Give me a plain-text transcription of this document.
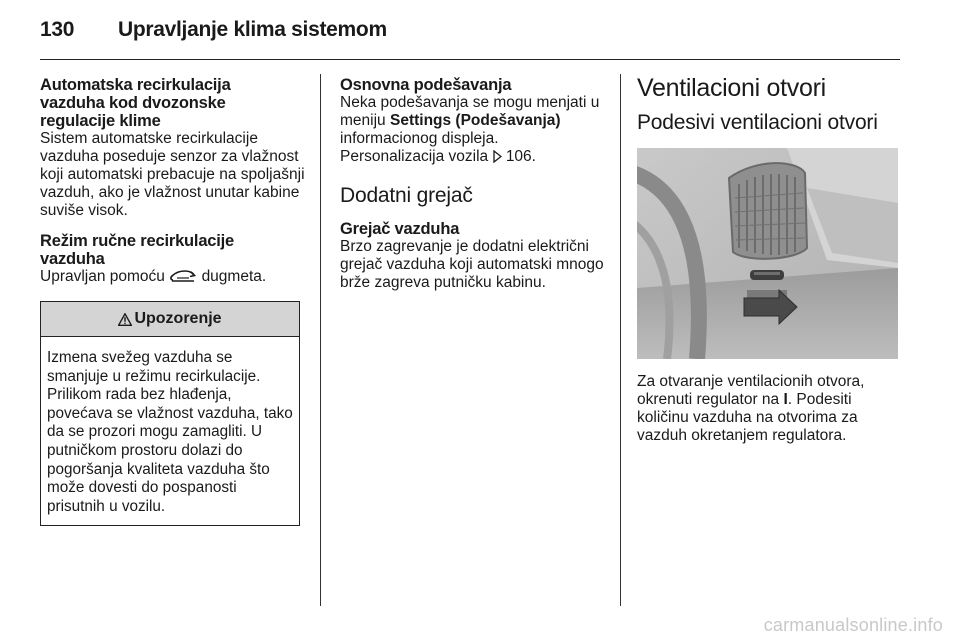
130 Upravljanje klima sistemom
Automatska recirkulacija vazduha kod dvozonske regulacije klime

Sistem automatske recirkulacije vazduha poseduje senzor za vlažnost koji automatski prebacuje na spoljašnji vazduh, ako je vlažnost unutar kabine suviše visok.

Režim ručne recirkulacije vazduha

Upravljan pomoću dugmeta.

Upozorenje

Izmena svežeg vazduha se smanjuje u režimu recirkulacije. Prilikom rada bez hlađenja, povećava se vlažnost vazduha, tako da se prozori mogu zamagliti. U putničkom prostoru dolazi do pogoršanja kvaliteta vazduha što može dovesti do pospanosti prisutnih u vozilu.

Osnovna podešavanja

Neka podešavanja se mogu menjati u meniju Settings (Podešavanja) informacionog displeja.

Personalizacija vozila 106.

Dodatni grejač
Grejač vazduha

Brzo zagrevanje je dodatni električni grejač vazduha koji automatski mnogo brže zagreva putničku kabinu.

Ventilacioni otvori
Podesivi ventilacioni otvori

Za otvaranje ventilacionih otvora, okrenuti regulator na I. Podesiti količinu vazduha na otvorima za vazduh okretanjem regulatora.

carmanualsonline.info
